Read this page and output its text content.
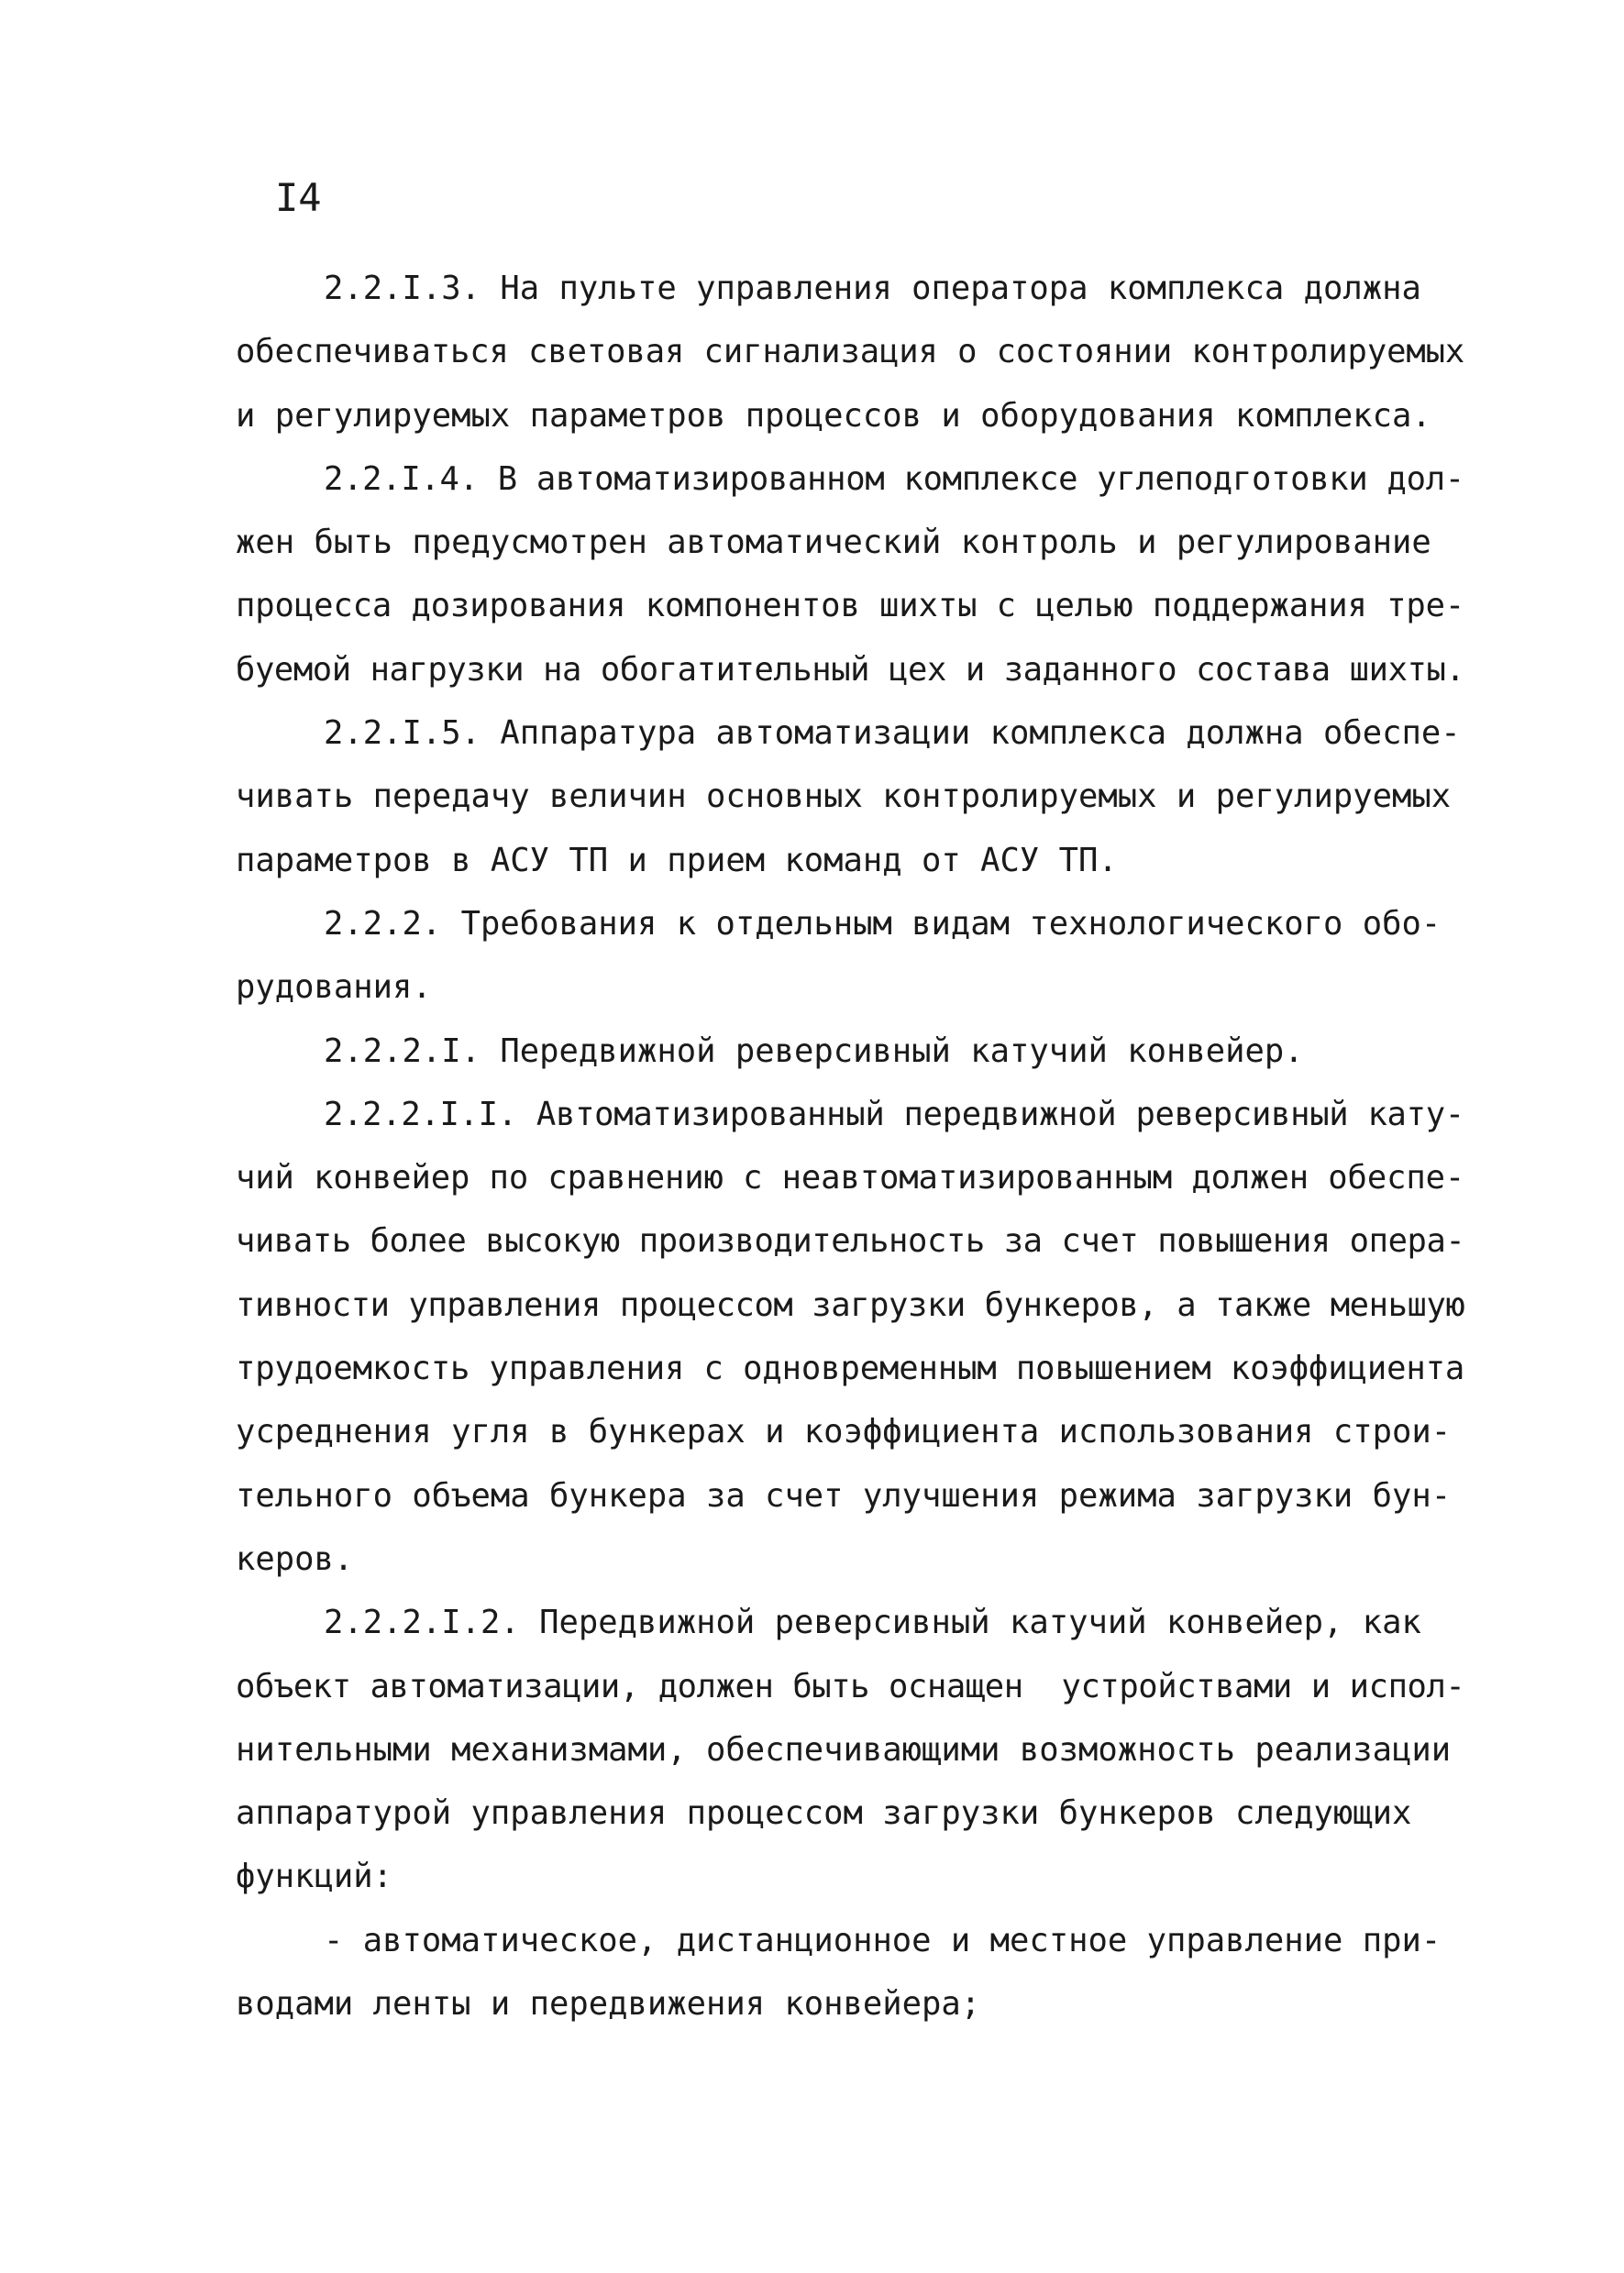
I4
2.2.I.3. На пульте управления оператора комплекса должна
обеспечиваться световая сигнализация о состоянии контролируемых
и регулируемых параметров процессов и оборудования комплекса.
2.2.I.4. В автоматизированном комплексе углеподготовки дол-
жен быть предусмотрен автоматический контроль и регулирование
процесса дозирования компонентов шихты с целью поддержания тре-
буемой нагрузки на обогатительный цех и заданного состава шихты.
2.2.I.5. Аппаратура автоматизации комплекса должна обеспе-
чивать передачу величин основных контролируемых и регулируемых
параметров в АСУ ТП и прием команд от АСУ ТП.
2.2.2. Требования к отдельным видам технологического обо-
рудования.
2.2.2.I. Передвижной реверсивный катучий конвейер.
2.2.2.I.I. Автоматизированный передвижной реверсивный кату-
чий конвейер по сравнению с неавтоматизированным должен обеспе-
чивать более высокую производительность за счет повышения опера-
тивности управления процессом загрузки бункеров, а также меньшую
трудоемкость управления с одновременным повышением коэффициента
усреднения угля в бункерах и коэффициента использования строи-
тельного объема бункера за счет улучшения режима загрузки бун-
керов.
2.2.2.I.2. Передвижной реверсивный катучий конвейер, как
объект автоматизации, должен быть оснащен  устройствами и испол-
нительными механизмами, обеспечивающими возможность реализации
аппаратурой управления процессом загрузки бункеров следующих
функций:
- автоматическое, дистанционное и местное управление при-
водами ленты и передвижения конвейера;
